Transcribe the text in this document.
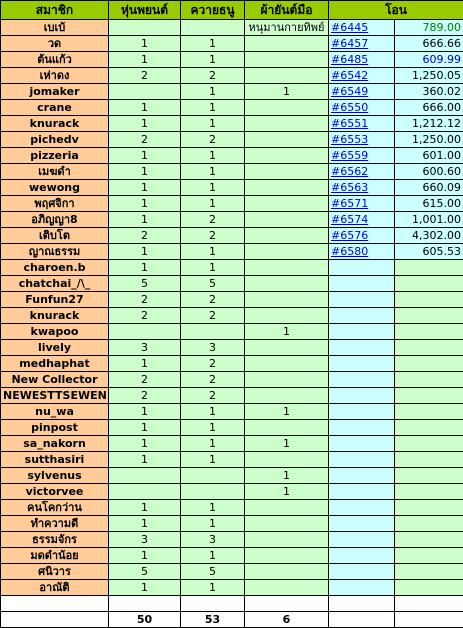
สมาชิก	หุ่นพยนต์	ควายธนู	ผ้ายันต์มือ	โอน	
เบเบ้			หนุมานกายทิพย์	#6445	789.00
วด	1	1		#6457	666.66
ต้นแก้ว	1	1		#6485	609.99
เห่าดง	2	2		#6542	1,250.05
jomaker		1	1	#6549	360.02
crane	1	1		#6550	666.00
knurack	1	1		#6551	1,212.12
pichedv	2	2		#6553	1,250.00
pizzeria	1	1		#6559	601.00
เมฆดำ	1	1		#6562	600.60
wewong	1	1		#6563	660.09
พฤศจิกา	1	1		#6571	615.00
อภิญญา8	1	2		#6574	1,001.00
เติบโต	2	2		#6576	4,302.00
ญาณธรรม	1	1		#6580	605.53
charoen.b	1	1			
chatchai_/\_	5	5			
Funfun27	2	2			
knurack	2	2			
kwapoo			1		
lively	3	3			
medhaphat	1	2			
New Collector	2	2			
NEWESTTSEWEN	2	2			
nu_wa	1	1	1		
pinpost	1	1			
sa_nakorn	1	1	1		
sutthasiri	1	1			
sylvenus			1		
victorvee			1		
คนโคกว่าน	1	1			
ทำความดี	1	1			
ธรรมจักร	3	3			
มดดำน้อย	1	1			
ศนิวาร	5	5			
อาณัติ	1	1			

	50	53	6		
